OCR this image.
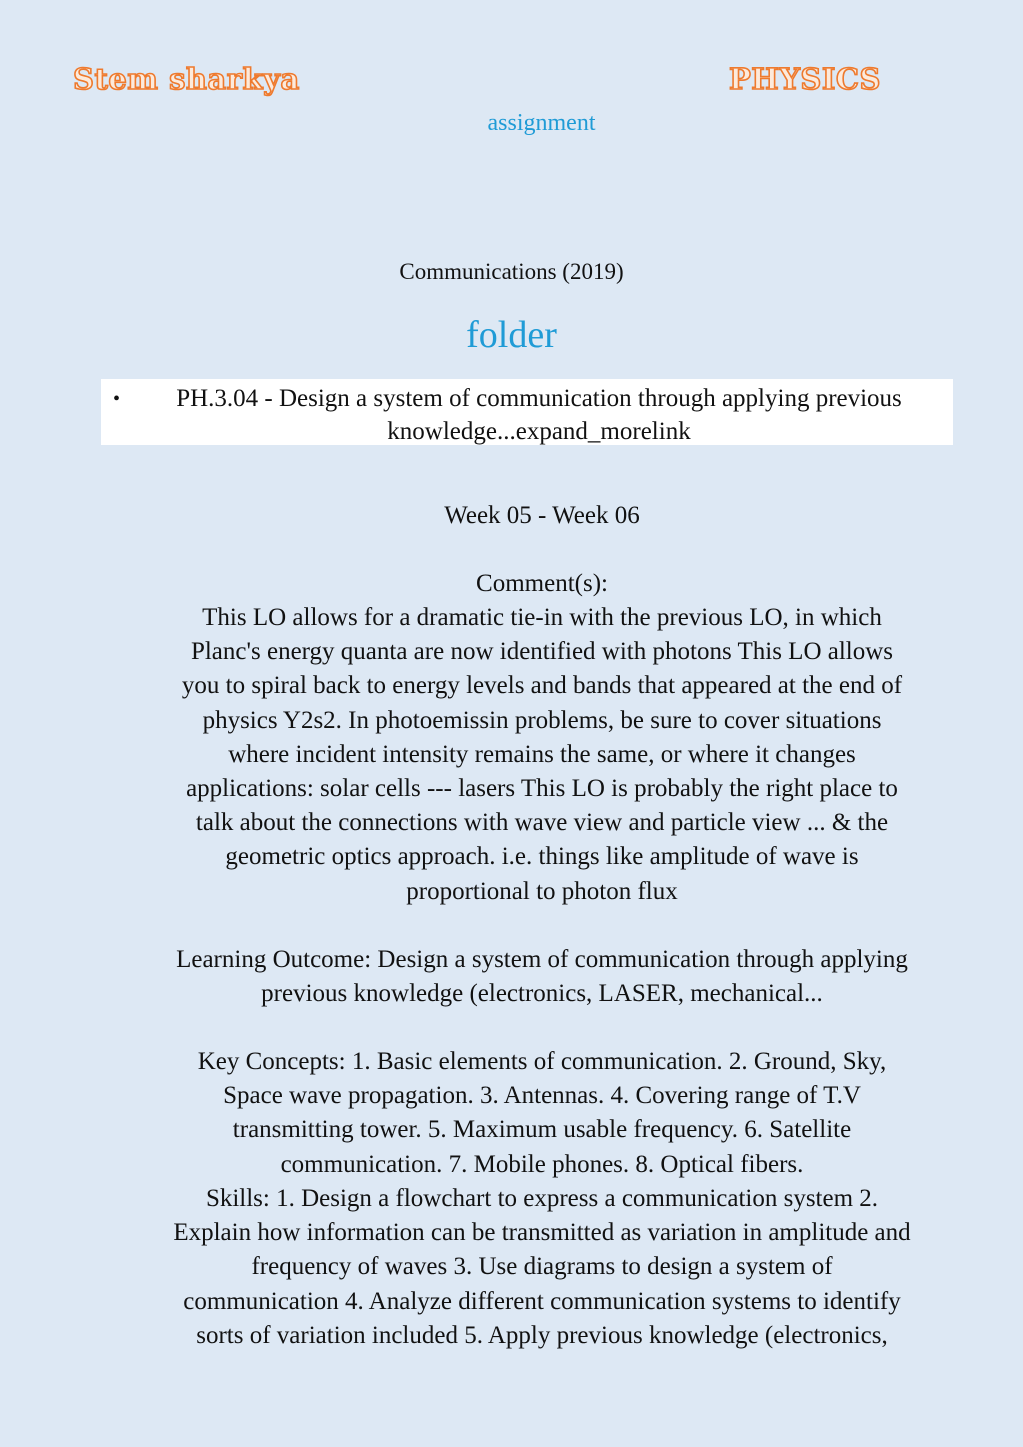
Stem sharkya	PHYSICS
assignment
Communications (2019)
folder
•	PH.3.04 - Design a system of communication through applying previous
knowledge...expand_morelink
Week 05 - Week 06
Comment(s):
This LO allows for a dramatic tie-in with the previous LO, in which
Planc's energy quanta are now identified with photons This LO allows
you to spiral back to energy levels and bands that appeared at the end of
physics Y2s2. In photoemissin problems, be sure to cover situations
where incident intensity remains the same, or where it changes
applications: solar cells --- lasers This LO is probably the right place to
talk about the connections with wave view and particle view ... & the
geometric optics approach. i.e. things like amplitude of wave is
proportional to photon flux
Learning Outcome: Design a system of communication through applying
previous knowledge (electronics, LASER, mechanical...
Key Concepts: 1. Basic elements of communication. 2. Ground, Sky,
Space wave propagation. 3. Antennas. 4. Covering range of T.V
transmitting tower. 5. Maximum usable frequency. 6. Satellite
communication. 7. Mobile phones. 8. Optical fibers.
Skills: 1. Design a flowchart to express a communication system 2.
Explain how information can be transmitted as variation in amplitude and
frequency of waves 3. Use diagrams to design a system of
communication 4. Analyze different communication systems to identify
sorts of variation included 5. Apply previous knowledge (electronics,
